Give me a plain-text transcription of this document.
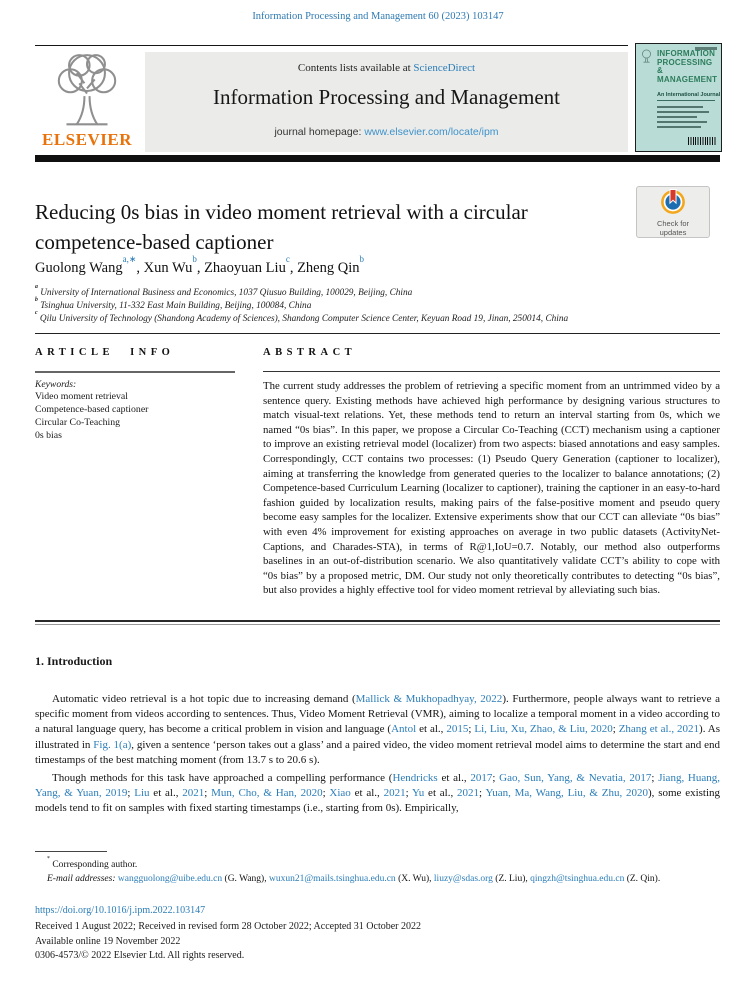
Information Processing and Management 60 (2023) 103147
ELSEVIER
Contents lists available at ScienceDirect
Information Processing and Management
journal homepage: www.elsevier.com/locate/ipm
INFORMATION
PROCESSING
&
MANAGEMENT
An International Journal
Check for
updates
Reducing 0s bias in video moment retrieval with a circular competence-based captioner
Guolong Wang$^{a,∗}$, Xun Wu$^b$, Zhaoyuan Liu$^c$, Zheng Qin$^b$
$^a$ University of International Business and Economics, 1037 Qiusuo Building, 100029, Beijing, China
$^b$ Tsinghua University, 11-332 East Main Building, Beijing, 100084, China
$^c$ Qilu University of Technology (Shandong Academy of Sciences), Shandong Computer Science Center, Keyuan Road 19, Jinan, 250014, China
ARTICLE INFO
Keywords:
Video moment retrieval
Competence-based captioner
Circular Co-Teaching
0s bias
ABSTRACT
The current study addresses the problem of retrieving a specific moment from an untrimmed video by a sentence query. Existing methods have achieved high performance by designing various structures to match visual-text relations. Yet, these methods tend to return an interval starting from 0s, which we named “0s bias”. In this paper, we propose a Circular Co-Teaching (CCT) mechanism using a captioner to improve an existing retrieval model (localizer) from two aspects: biased annotations and easy samples. Correspondingly, CCT contains two processes: (1) Pseudo Query Generation (captioner to localizer), aiming at transferring the knowledge from generated queries to the localizer to balance annotations; (2) Competence-based Curriculum Learning (localizer to captioner), training the captioner in an easy-to-hard fashion guided by localization results, making pairs of the false-positive moment and pseudo query become easy samples for the localizer. Extensive experiments show that our CCT can alleviate “0s bias” with even 4% improvement for existing approaches on average in two public datasets (ActivityNet-Captions, and Charades-STA), in terms of R@1,IoU=0.7. Notably, our method also outperforms baselines in an out-of-distribution scenario. We also quantitatively validate CCT’s ability to cope with “0s bias” by a proposed metric, DM. Our study not only theoretically contributes to detecting “0s bias”, but also provides a highly effective tool for video moment retrieval by alleviating such bias.
1. Introduction

Automatic video retrieval is a hot topic due to increasing demand (Mallick & Mukhopadhyay, 2022). Furthermore, people always want to retrieve a specific moment from videos according to sentences. Thus, Video Moment Retrieval (VMR), aiming to localize a temporal moment in a video according to a natural language query, has become a critical problem in vision and language (Antol et al., 2015; Li, Liu, Xu, Zhao, & Liu, 2020; Zhang et al., 2021). As illustrated in Fig. 1(a), given a sentence ‘person takes out a glass’ and a paired video, the video moment retrieval model aims to determine the start and end timestamps of the best matching moment (from 13.7 s to 20.6 s).

Though methods for this task have approached a compelling performance (Hendricks et al., 2017; Gao, Sun, Yang, & Nevatia, 2017; Jiang, Huang, Yang, & Yuan, 2019; Liu et al., 2021; Mun, Cho, & Han, 2020; Xiao et al., 2021; Yu et al., 2021; Yuan, Ma, Wang, Liu, & Zhu, 2020), some existing models tend to fit on samples with fixed starting timestamps (i.e., starting from 0s). Empirically,

* Corresponding author.

E-mail addresses: wangguolong@uibe.edu.cn (G. Wang), wuxun21@mails.tsinghua.edu.cn (X. Wu), liuzy@sdas.org (Z. Liu), qingzh@tsinghua.edu.cn (Z. Qin).

https://doi.org/10.1016/j.ipm.2022.103147
Received 1 August 2022; Received in revised form 28 October 2022; Accepted 31 October 2022
Available online 19 November 2022
0306-4573/© 2022 Elsevier Ltd. All rights reserved.
